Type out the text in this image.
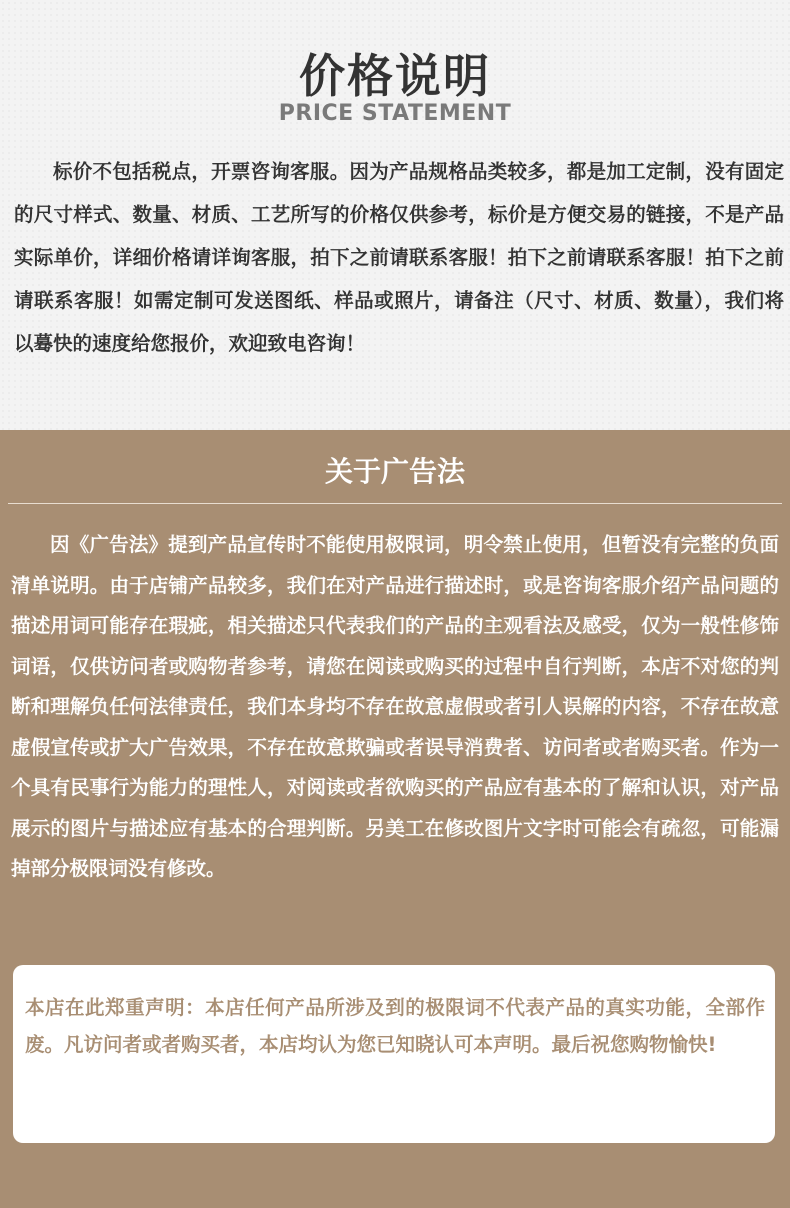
价格说明
PRICE STATEMENT

标价不包括税点，开票咨询客服。因为产品规格品类较多，都是加工定制，没有固定的尺寸样式、数量、材质、工艺所写的价格仅供参考，标价是方便交易的链接，不是产品实际单价，详细价格请详询客服，拍下之前请联系客服！拍下之前请联系客服！拍下之前请联系客服！如需定制可发送图纸、样品或照片，请备注（尺寸、材质、数量），我们将以蓦快的速度给您报价，欢迎致电咨询！

关于广告法

因《广告法》提到产品宣传时不能使用极限词，明令禁止使用，但暂没有完整的负面清单说明。由于店铺产品较多，我们在对产品进行描述时，或是咨询客服介绍产品问题的描述用词可能存在瑕疵，相关描述只代表我们的产品的主观看法及感受，仅为一般性修饰词语，仅供访问者或购物者参考，请您在阅读或购买的过程中自行判断，本店不对您的判断和理解负任何法律责任，我们本身均不存在故意虚假或者引人误解的内容，不存在故意虚假宣传或扩大广告效果，不存在故意欺骗或者误导消费者、访问者或者购买者。作为一个具有民事行为能力的理性人，对阅读或者欲购买的产品应有基本的了解和认识，对产品展示的图片与描述应有基本的合理判断。另美工在修改图片文字时可能会有疏忽，可能漏掉部分极限词没有修改。

本店在此郑重声明：本店任何产品所涉及到的极限词不代表产品的真实功能，全部作废。凡访问者或者购买者，本店均认为您已知晓认可本声明。最后祝您购物愉快!
